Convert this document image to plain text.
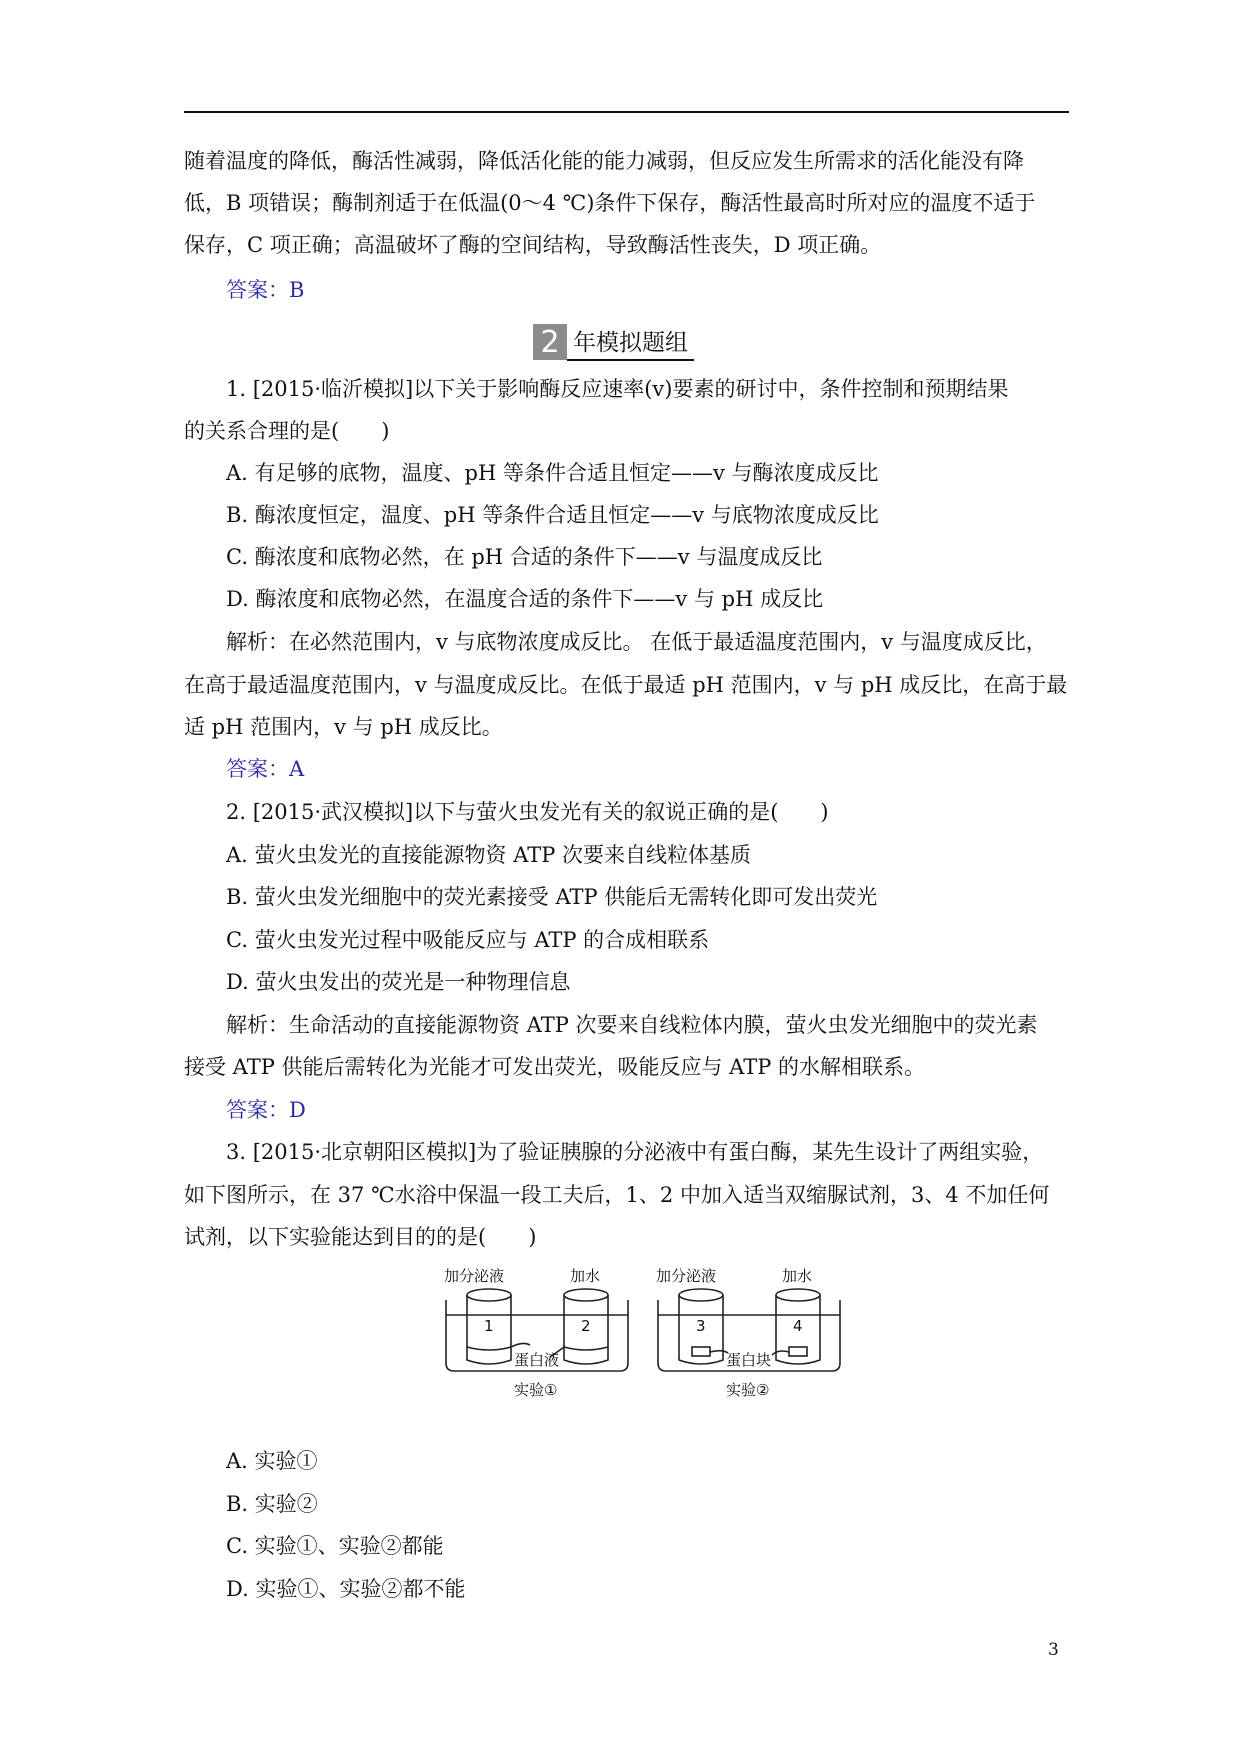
随着温度的降低，酶活性减弱，降低活化能的能力减弱，但反应发生所需求的活化能没有降
低，B 项错误；酶制剂适于在低温(0～4 ℃)条件下保存，酶活性最高时所对应的温度不适于
保存，C 项正确；高温破坏了酶的空间结构，导致酶活性丧失，D 项正确。
答案：B
2 年模拟题组
1. [2015·临沂模拟]以下关于影响酶反应速率(v)要素的研讨中，条件控制和预期结果
的关系合理的是(　　)
A. 有足够的底物，温度、pH 等条件合适且恒定——v 与酶浓度成反比
B. 酶浓度恒定，温度、pH 等条件合适且恒定——v 与底物浓度成反比
C. 酶浓度和底物必然，在 pH 合适的条件下——v 与温度成反比
D. 酶浓度和底物必然，在温度合适的条件下——v 与 pH 成反比
解析：在必然范围内，v 与底物浓度成反比。 在低于最适温度范围内，v 与温度成反比，
在高于最适温度范围内，v 与温度成反比。在低于最适 pH 范围内，v 与 pH 成反比，在高于最
适 pH 范围内，v 与 pH 成反比。
答案：A
2. [2015·武汉模拟]以下与萤火虫发光有关的叙说正确的是(　　)
A. 萤火虫发光的直接能源物资 ATP 次要来自线粒体基质
B. 萤火虫发光细胞中的荧光素接受 ATP 供能后无需转化即可发出荧光
C. 萤火虫发光过程中吸能反应与 ATP 的合成相联系
D. 萤火虫发出的荧光是一种物理信息
解析：生命活动的直接能源物资 ATP 次要来自线粒体内膜，萤火虫发光细胞中的荧光素
接受 ATP 供能后需转化为光能才可发出荧光，吸能反应与 ATP 的水解相联系。
答案：D
3. [2015·北京朝阳区模拟]为了验证胰腺的分泌液中有蛋白酶，某先生设计了两组实验，
如下图所示，在 37 ℃水浴中保温一段工夫后，1、2 中加入适当双缩脲试剂，3、4 不加任何
试剂，以下实验能达到目的的是(　　)
加分泌液	加水	加分泌液	加水
1	2	3	4
蛋白液	蛋白块
实验①	实验②
A. 实验①
B. 实验②
C. 实验①、实验②都能
D. 实验①、实验②都不能
3
